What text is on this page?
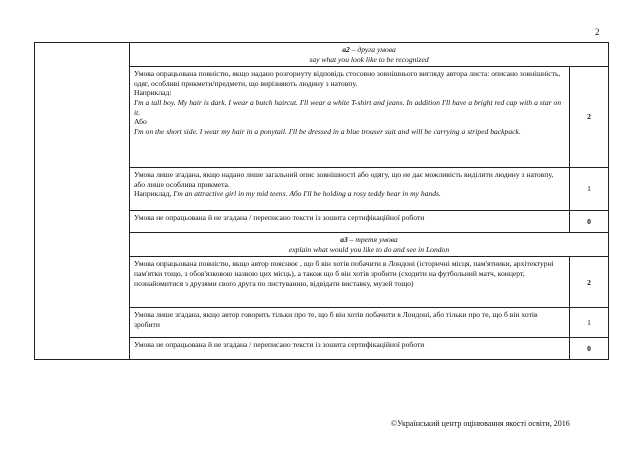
2
	a2 – друга умова
say what you look like to be recognized	

	Умова опрацьована повністю, якщо надано розгорнуту відповідь стосовно зовнішнього вигляду автора листа: описано зовнішність, одяг, особливі прикмети/предмети, що вирізняють людину з натовпу.
Наприклад:
I'm a tall boy. My hair is dark. I wear a butch haircut. I'll wear a white T-shirt and jeans. In addition I'll have a bright red cap with a star on it.
Або
I'm on the short side. I wear my hair in a ponytail. I'll be dressed in a blue trouser suit and will be carrying a striped backpack.	2
	Умова лише згадана, якщо надано лише загальний опис зовнішності або одягу, що не дає можливість виділити людину з натовпу, або лише особлива прикмета.
Наприклад, I'm an attractive girl in my mid teens. Або I'll be holding a rosy teddy bear in my hands.	1
	Умова не опрацьована й не згадана / переписано тексти із зошита сертифікаційної роботи	0
	a3 – третя умова
explain what would you like to do and see in London	

	Умова опрацьована повністю, якщо автор пояснює , що б він хотів побачити в Лондоні (історичні місця, пам'ятники, архітектурні пам'ятки тощо, з обов'язковою назвою цих місць), а також що б він хотів зробити (сходити на футбольний матч, концерт, познайомитися з друзями свого друга по листуванню, відвідати виставку, музей тощо)	2
	Умова лише згадана, якщо автор говорить тільки про те, що б він хотів побачити в Лондоні, або тільки про те, що б він хотів зробити	1
	Умова не опрацьована й не згадана / переписано тексти із зошита сертифікаційної роботи	0
©Український центр оцінювання якості освіти, 2016
